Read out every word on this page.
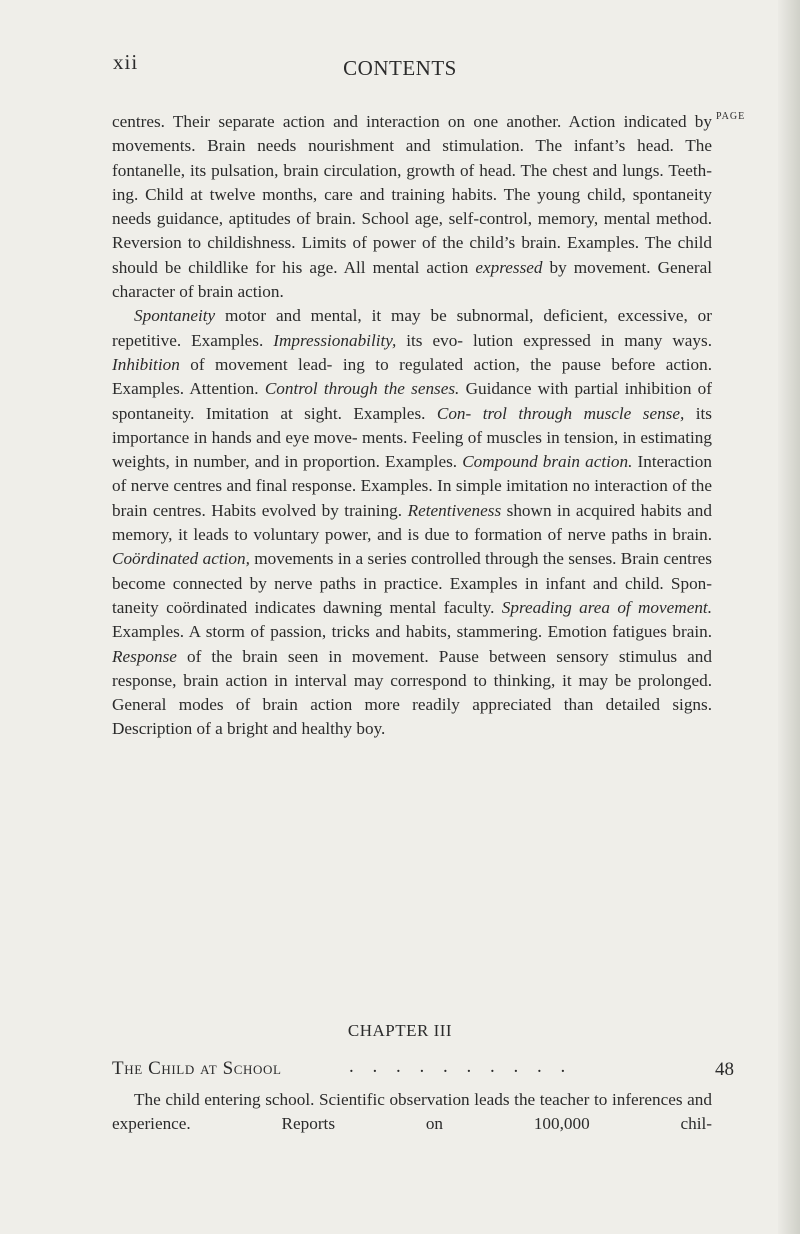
xii	CONTENTS
PAGE

centres. Their separate action and interaction on one another. Action indicated by movements. Brain needs nourishment and stimulation. The infant’s head. The fontanelle, its pulsation, brain circulation, growth of head. The chest and lungs. Teeth- ing. Child at twelve months, care and training habits. The young child, spontaneity needs guidance, aptitudes of brain. School age, self-control, memory, mental method. Reversion to childishness. Limits of power of the child’s brain. Examples. The child should be childlike for his age. All mental action expressed by movement. General character of brain action.

Spontaneity motor and mental, it may be subnormal, deficient, excessive, or repetitive. Examples. Impressionability, its evo- lution expressed in many ways. Inhibition of movement lead- ing to regulated action, the pause before action. Examples. Attention. Control through the senses. Guidance with partial inhibition of spontaneity. Imitation at sight. Examples. Con- trol through muscle sense, its importance in hands and eye move- ments. Feeling of muscles in tension, in estimating weights, in number, and in proportion. Examples. Compound brain action. Interaction of nerve centres and final response. Examples. In simple imitation no interaction of the brain centres. Habits evolved by training. Retentiveness shown in acquired habits and memory, it leads to voluntary power, and is due to formation of nerve paths in brain. Coördinated action, movements in a series controlled through the senses. Brain centres become connected by nerve paths in practice. Examples in infant and child. Spon- taneity coördinated indicates dawning mental faculty. Spreading area of movement. Examples. A storm of passion, tricks and habits, stammering. Emotion fatigues brain. Response of the brain seen in movement. Pause between sensory stimulus and response, brain action in interval may correspond to thinking, it may be prolonged. General modes of brain action more readily appreciated than detailed signs. Description of a bright and healthy boy.

CHAPTER III
The Child at School	. . . . . . . . . .	48
The child entering school. Scientific observation leads the teacher to inferences and experience. Reports on 100,000 chil-
